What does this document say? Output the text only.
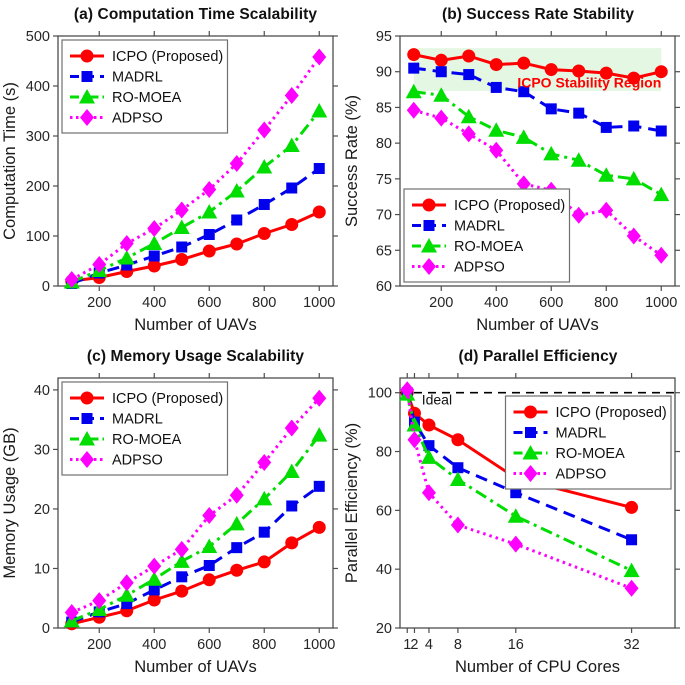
(a) Computation Time Scalability
200 400 600 800 1000
0
100
200
300
400
500
Number of UAVs
Computation Time (s)
ICPO (Proposed)
MADRL
RO-MOEA
ADPSO
(b) Success Rate Stability
200 400 600 800 1000
60
65
70
75
80
85
90
95
Number of UAVs
Success Rate (%)
ICPO Stability Region
ICPO (Proposed)
MADRL
RO-MOEA
ADPSO
(c) Memory Usage Scalability
200 400 600 800 1000
0
10
20
30
40
Number of UAVs
Memory Usage (GB)
ICPO (Proposed)
MADRL
RO-MOEA
ADPSO
(d) Parallel Efficiency
1 2 4 8	16	32
20
40
60
80
100
Number of CPU Cores
Parallel Efficiency (%)
Ideal
ICPO (Proposed)
MADRL
RO-MOEA
ADPSO
